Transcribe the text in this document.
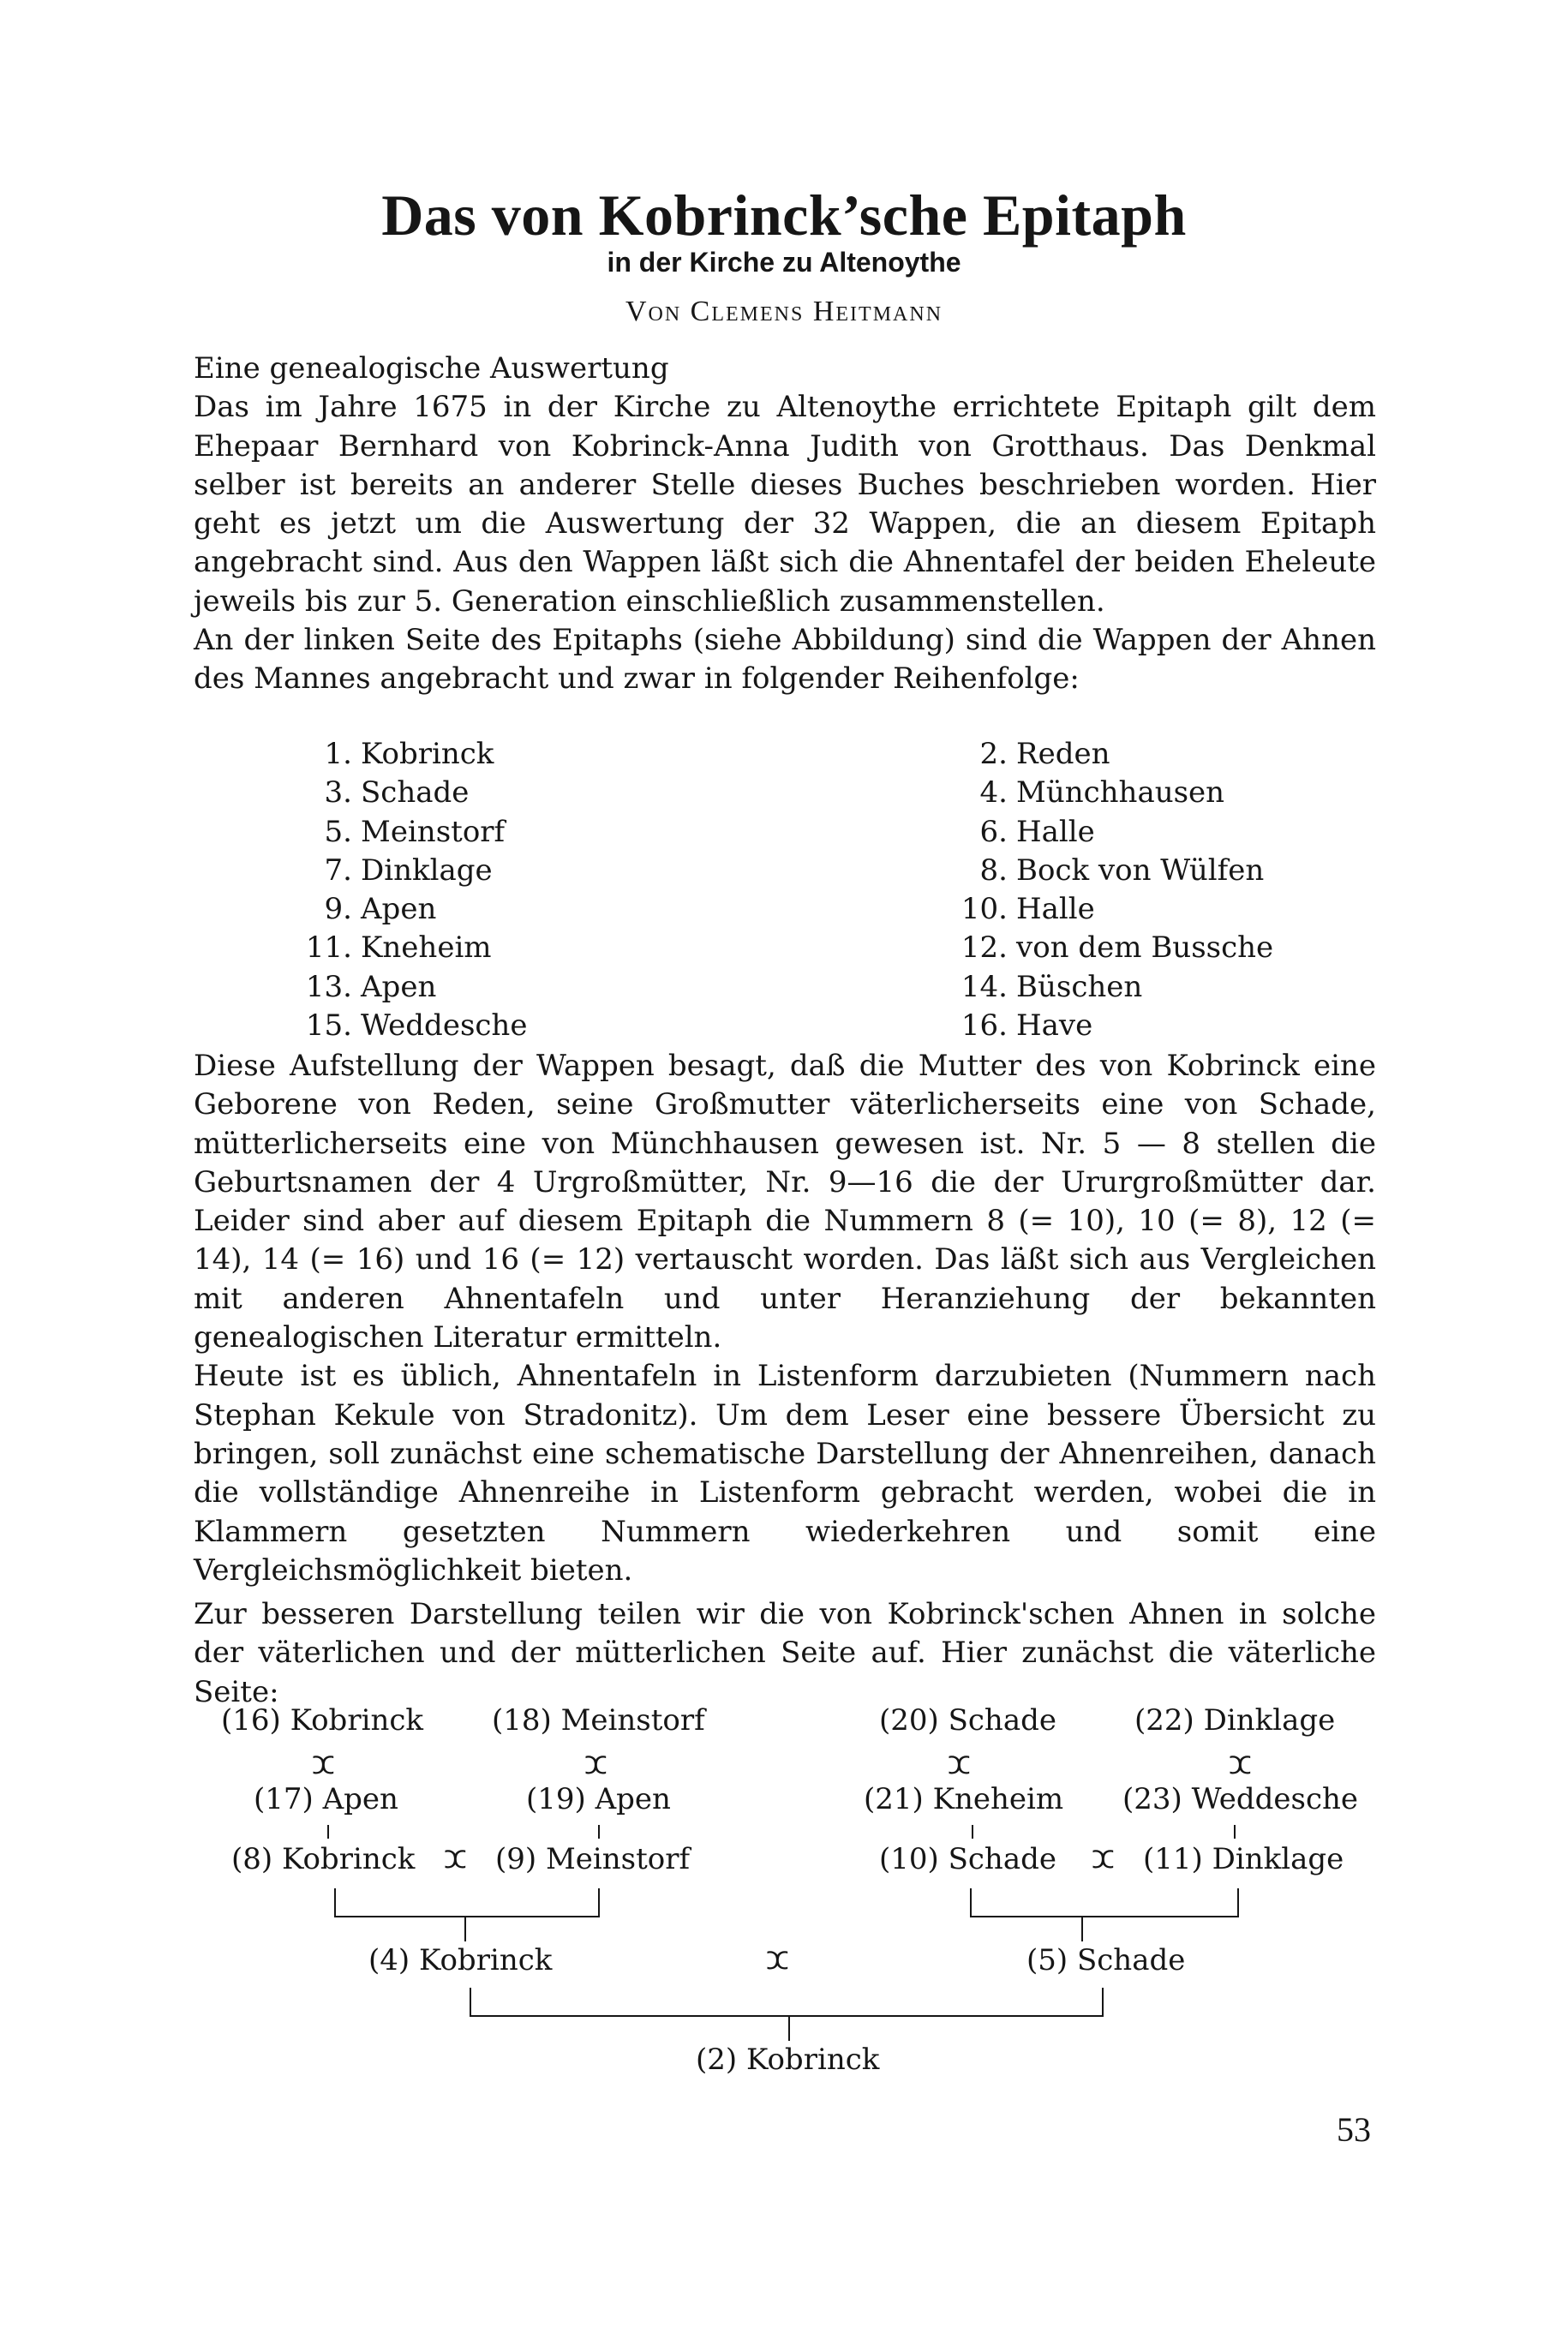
Das von Kobrinck’sche Epitaph
in der Kirche zu Altenoythe
Von Clemens Heitmann

Eine genealogische Auswertung

Das im Jahre 1675 in der Kirche zu Altenoythe errichtete Epitaph gilt dem Ehepaar Bernhard von Kobrinck-Anna Judith von Grotthaus. Das Denkmal selber ist bereits an anderer Stelle dieses Buches beschrieben worden. Hier geht es jetzt um die Auswertung der 32 Wappen, die an diesem Epitaph angebracht sind. Aus den Wappen läßt sich die Ahnentafel der beiden Eheleute jeweils bis zur 5. Generation einschließlich zusammenstellen.

An der linken Seite des Epitaphs (siehe Abbildung) sind die Wappen der Ahnen des Mannes angebracht und zwar in folgender Reihenfolge:

1. Kobrinck	2. Reden
3. Schade	4. Münchhausen
5. Meinstorf	6. Halle
7. Dinklage	8. Bock von Wülfen
9. Apen	10. Halle
11. Kneheim	12. von dem Bussche
13. Apen	14. Büschen
15. Weddesche	16. Have

Diese Aufstellung der Wappen besagt, daß die Mutter des von Kobrinck eine Geborene von Reden, seine Großmutter väterlicherseits eine von Schade, mütterlicherseits eine von Münchhausen gewesen ist. Nr. 5 — 8 stellen die Geburtsnamen der 4 Urgroßmütter, Nr. 9—16 die der Ururgroßmütter dar. Leider sind aber auf diesem Epitaph die Nummern 8 (= 10), 10 (= 8), 12 (= 14), 14 (= 16) und 16 (= 12) vertauscht worden. Das läßt sich aus Vergleichen mit anderen Ahnentafeln und unter Heranziehung der bekannten genealogischen Literatur ermitteln.

Heute ist es üblich, Ahnentafeln in Listenform darzubieten (Nummern nach Stephan Kekule von Stradonitz). Um dem Leser eine bessere Übersicht zu bringen, soll zunächst eine schematische Darstellung der Ahnenreihen, danach die vollständige Ahnenreihe in Listenform gebracht werden, wobei die in Klammern gesetzten Nummern wiederkehren und somit eine Vergleichsmöglichkeit bieten.

Zur besseren Darstellung teilen wir die von Kobrinck'schen Ahnen in solche der väterlichen und der mütterlichen Seite auf. Hier zunächst die väterliche Seite:

(16) Kobrinck (18) Meinstorf	(20) Schade	(22) Dinklage
ⵋ	ⵋ	ⵋ	ⵋ
(17) Apen	(19) Apen	(21) Kneheim (23) Weddesche
(8) Kobrinck ⵋ (9) Meinstorf	(10) Schade ⵋ (11) Dinklage
(4) Kobrinck	ⵋ	(5) Schade
(2) Kobrinck
53
